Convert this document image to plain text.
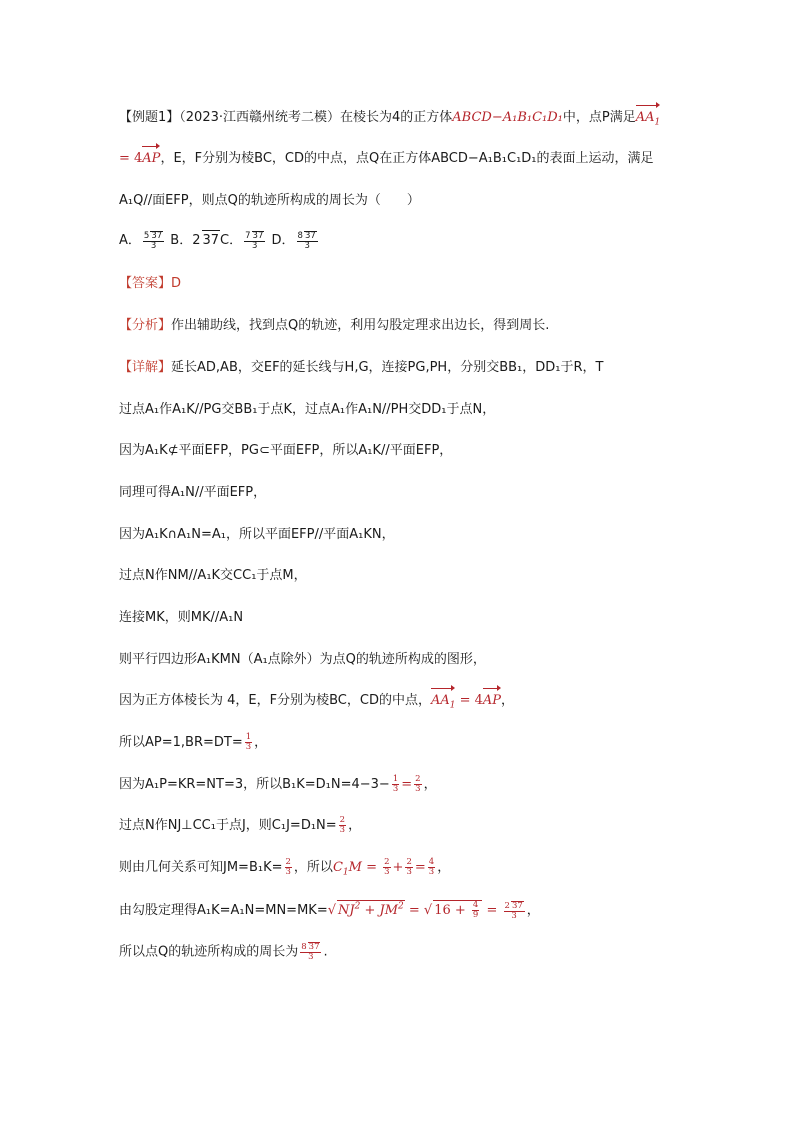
【例题1】（2023·江西赣州统考二模）在棱长为4的正方体ABCD−A₁B₁C₁D₁中，点P满足$AA_1$
= 4AP，E，F分别为棱BC，CD的中点，点Q在正方体ABCD−A₁B₁C₁D₁的表面上运动，满足
A₁Q//面EFP，则点Q的轨迹所构成的周长为（　　）
A． $\frac{5 37}{3}$ B．2 37C． $\frac{7 37}{3}$ D． $\frac{8 37}{3}$
【答案】D
【分析】作出辅助线，找到点Q的轨迹，利用勾股定理求出边长，得到周长.
【详解】延长AD,AB，交EF的延长线与H,G，连接PG,PH，分别交BB₁，DD₁于R，T
过点A₁作A₁K//PG交BB₁于点K，过点A₁作A₁N//PH交DD₁于点N，
因为A₁K⊄平面EFP，PG⊂平面EFP，所以A₁K//平面EFP，
同理可得A₁N//平面EFP，
因为A₁K∩A₁N=A₁，所以平面EFP//平面A₁KN，
过点N作NM//A₁K交CC₁于点M，
连接MK，则MK//A₁N
则平行四边形A₁KMN（A₁点除外）为点Q的轨迹所构成的图形，
因为正方体棱长为 4，E，F分别为棱BC，CD的中点，$AA_1 = 4AP$，
所以$AP=1,BR=DT= \frac{1}{3}$ ，
因为A₁P=KR=NT=3，所以$B_1K=D_1N=4-3- \frac{1}{3} = \frac{2}{3}$ ，
过点N作NJ⊥CC₁于点J，则$C_1J=D_1N= \frac{2}{3}$ ，
则由几何关系可知$JM=B_1K= \frac{2}{3}$ ，所以$C_1M = \frac{2}{3} + \frac{2}{3} = \frac{4}{3}$ ，
由勾股定理得A₁K=A₁N=MN=MK=√ $NJ^2 + JM^2$ = √ $16 + \frac{4}{9} = \frac{2 37}{3}$ ，
所以点Q的轨迹所构成的周长为 $\frac{8 37}{3}$ .
